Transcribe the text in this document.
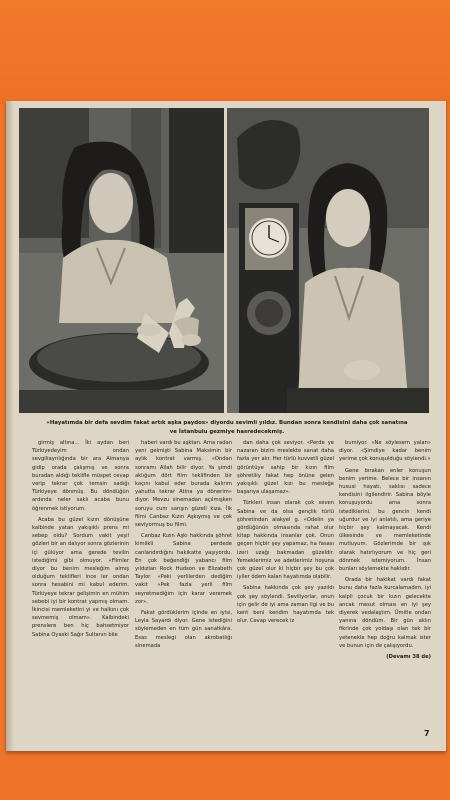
«Hayatımda bir defa sevdim fakat artık aşka paydos» diyordu sevimli yıldız. Bundan sonra kendisini daha çok sanatına
ve İstanbulu gezmiye hasredecekmiş.

girmiş altına... İki aydan beri Türkiyedeyim ondan sevgiliayrılığında bir ara Almanya gidip orada çalışmış ve sonra buradan aldığı teklifle müspet cevap verip tekrar çok temsin sadığı Türkiyeye dönmüş. Bu döndüğün ardında neler saklı acaba bunu öğrenmek istiyorum.

Acaba bu güzel kızın dönüşüne kalbinde yatan yakışıklı prens mi sebep oldu? Sordum vakit yeşil gözleri bir an dalıyor sonra gözlerinin içi gülüyor ama gerede tevilin istediğimi gibi olmuyor. «Filmler diyor bu benim mesleğim almış olduğum teklifleri ince ler ondan sonra hesabini mi kabul ederim. Türkiyeye tekrar gelişimin en mühim sebebi iyi bir kontrat yapmış olmam. İkincisi memleketini yi ve halkını çok sevmemiş olmam». Kalbindeki prenslere ben hiç bahsetmiyor Sabina Oyaski Sağır Sultanın bile

haberi vardı bu aşktan. Ama radan yeni gelmişti Sabina Maksimin bir aylık kontrat varmış. «Ondan sonramı Allah bilir diyor. Ya şimdi aklığum dört film teklifinden bir kaçını kabul eder burada kalırım yahutta tekrar Atina ya dönerim» diyor. Mevzu sinemadan açılmışken soruyu cum sarışın güzeli kıza. İlk filmi Canbaz Kızın Aşkıymış ve çok seviyormuş bu filmi.

Canbaz Kızın Aşkı hakkında şöhret kimlikli Sabina perdede canlandırdığını hakikatte yaşıyordu. En çok beğendiği yabancı film yıldızları Rock Hudson ve Elizabeth Taylor. «Peki yerlilerden dediğim vakit «Pek fazla yerli film seyretmediğim için karar veremek zor».

Fakat gördüklerim içinde en iyisi, Leyla Sayardı diyor. Gene istediğini söylemeden en tüm gün sanatkâra. Esas meslegi olan akrobatlığı sinemada

dan daha çok seviyor. «Perde ye nazaran bizim meslekte sanat daha fazla yer alır. Her türlü kuvvetli güzel görüntüye sahip bir kızın film şöhretiliy fakat hep önüne gelen yakışıklı güzel kızı bu mesleğe başarıya ulaşamaz».

Türkleri insan olarak çok seven Sabina ve da olsa gençlik türlü şöhretinden alakyel g. «Odelin ya gördüğünün olmasında rahat olur kitap hakkında insanlar çok. Onun geçen hiçbir şey yapamaz, ha fasası izeri uzağı bakmadan güzeldir. Yemeklerimiz ve adetlerimiz hoşuna çok güzel olur ki hiçbir şey bu çok iyiler ödem kalan hayatımda olabilir.

Sabina hakkında çok şey yazıldı çok şey söylendi. Seviliyorlar, onun için gelir de iyi ama zaman ilgi ve bu kent beni kendim hayatımda tek olur. Cevap verecek iz

bumiyor. «Ne söylesem yalan» diyor. «Şimdiye kadar benim yerime çok konuşulduğu söylendi.»

Gene bırakan enler konuşun benim yerime. Belece bir insanın hususi hayatı, saklısı sadece kendisini ilgilendirir. Sabina böyle konuşuyordu ama sonra istediklerini, bu gencin kendi uğurdur ve iyi anlatılı, ama geriye hiçbir şey kalmayacak. Kendi ülkesinde ve memleketinde mutluyum. Gözlerimde bir ışık olarak hatırlıyorum ve hiç geri dönmek istemiyorum. İnsan bunları söylemekte haklıdır.

Orada bir hakikat vardı fakat bunu daha fazla kurcalamadım, iyi kalpli çocuk bir kızın gelecekte ancak mesut olması en iyi şey diyerek vedalaştım. Ümitle ondan yanına döndüm. Bir gün aklın fikrinde çok yoldaşı olan tek bir yetenekle hep doğru kalmak ister ve bunun için de çalışıyordu.

(Devamı 38 de)

7
